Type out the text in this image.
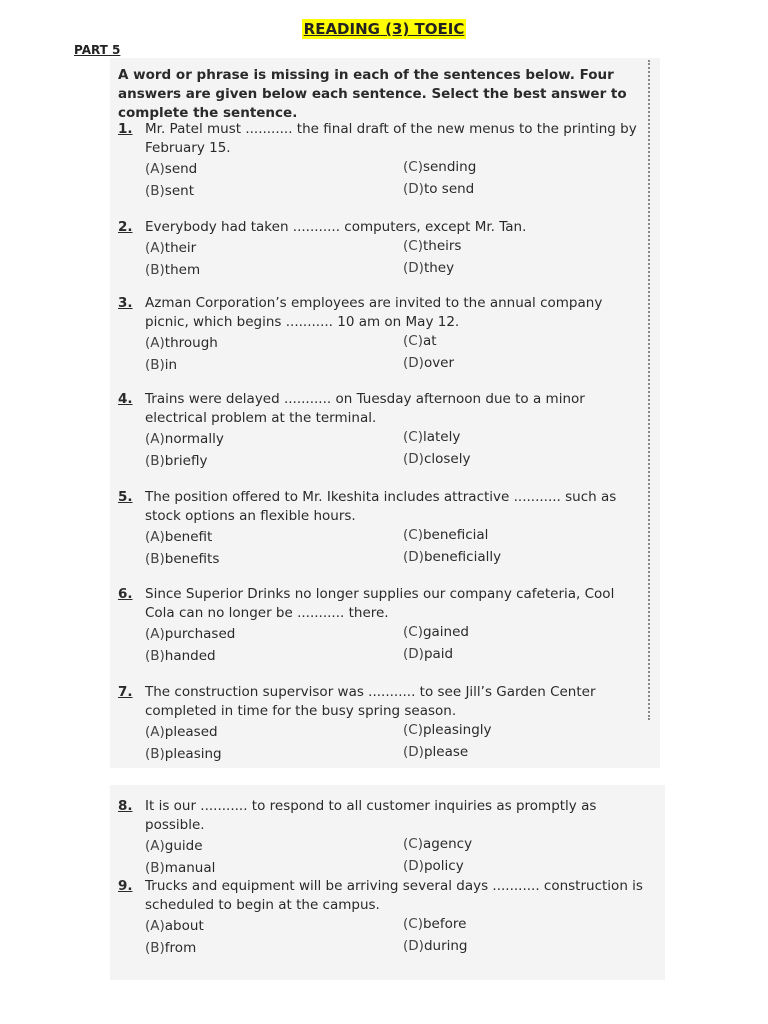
READING (3) TOEIC
PART 5
A word or phrase is missing in each of the sentences below. Four answers are given below each sentence. Select the best answer to complete the sentence.
1. Mr. Patel must ........... the final draft of the new menus to the printing by February 15.
(A)send
(B)sent
(C)sending
(D)to send
2. Everybody had taken ........... computers, except Mr. Tan.
(A)their
(B)them
(C)theirs
(D)they
3. Azman Corporation’s employees are invited to the annual company picnic, which begins ........... 10 am on May 12.
(A)through
(B)in
(C)at
(D)over
4. Trains were delayed ........... on Tuesday afternoon due to a minor electrical problem at the terminal.
(A)normally
(B)briefly
(C)lately
(D)closely
5. The position offered to Mr. Ikeshita includes attractive ........... such as stock options an flexible hours.
(A)benefit
(B)benefits
(C)beneficial
(D)beneficially
6. Since Superior Drinks no longer supplies our company cafeteria, Cool Cola can no longer be ........... there.
(A)purchased
(B)handed
(C)gained
(D)paid
7. The construction supervisor was ........... to see Jill’s Garden Center completed in time for the busy spring season.
(A)pleased
(B)pleasing
(C)pleasingly
(D)please
8. It is our ........... to respond to all customer inquiries as promptly as possible.
(A)guide
(B)manual
(C)agency
(D)policy
9. Trucks and equipment will be arriving several days ........... construction is scheduled to begin at the campus.
(A)about
(B)from
(C)before
(D)during
